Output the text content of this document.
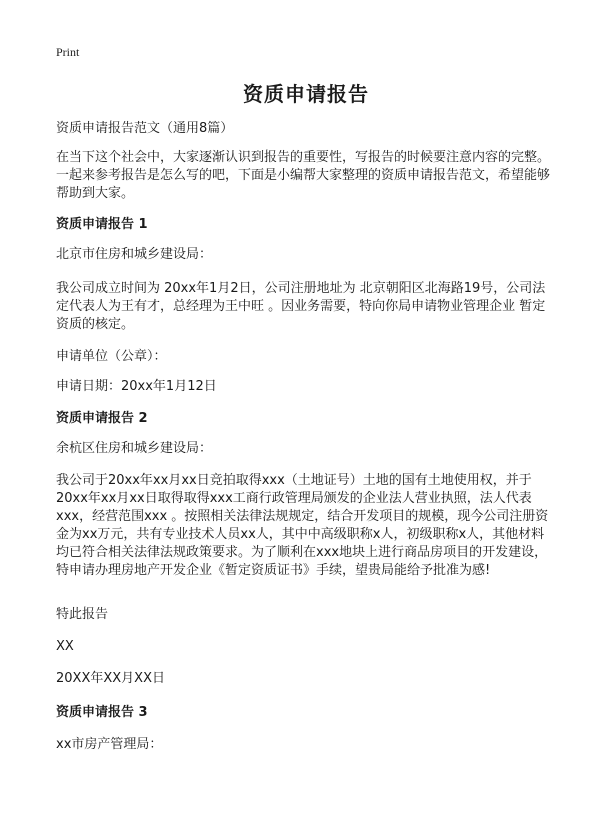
Print
资质申请报告
资质申请报告范文（通用8篇）
在当下这个社会中，大家逐渐认识到报告的重要性，写报告的时候要注意内容的完整。一起来参考报告是怎么写的吧，下面是小编帮大家整理的资质申请报告范文，希望能够帮助到大家。
资质申请报告 1
北京市住房和城乡建设局：
我公司成立时间为 20xx年1月2日，公司注册地址为 北京朝阳区北海路19号，公司法定代表人为王有才，总经理为王中旺 。因业务需要，特向你局申请物业管理企业 暂定 资质的核定。
申请单位（公章）：
申请日期：20xx年1月12日
资质申请报告 2
余杭区住房和城乡建设局：
我公司于20xx年xx月xx日竞拍取得xxx（土地证号）土地的国有土地使用权，并于20xx年xx月xx日取得取得xxx工商行政管理局颁发的企业法人营业执照，法人代表xxx，经营范围xxx 。按照相关法律法规规定，结合开发项目的规模，现今公司注册资金为xx万元，共有专业技术人员xx人，其中中高级职称x人，初级职称x人，其他材料均已符合相关法律法规政策要求。为了顺利在xxx地块上进行商品房项目的开发建设，特申请办理房地产开发企业《暂定资质证书》手续，望贵局能给予批准为感!
特此报告
XX
20XX年XX月XX日
资质申请报告 3
xx市房产管理局：
